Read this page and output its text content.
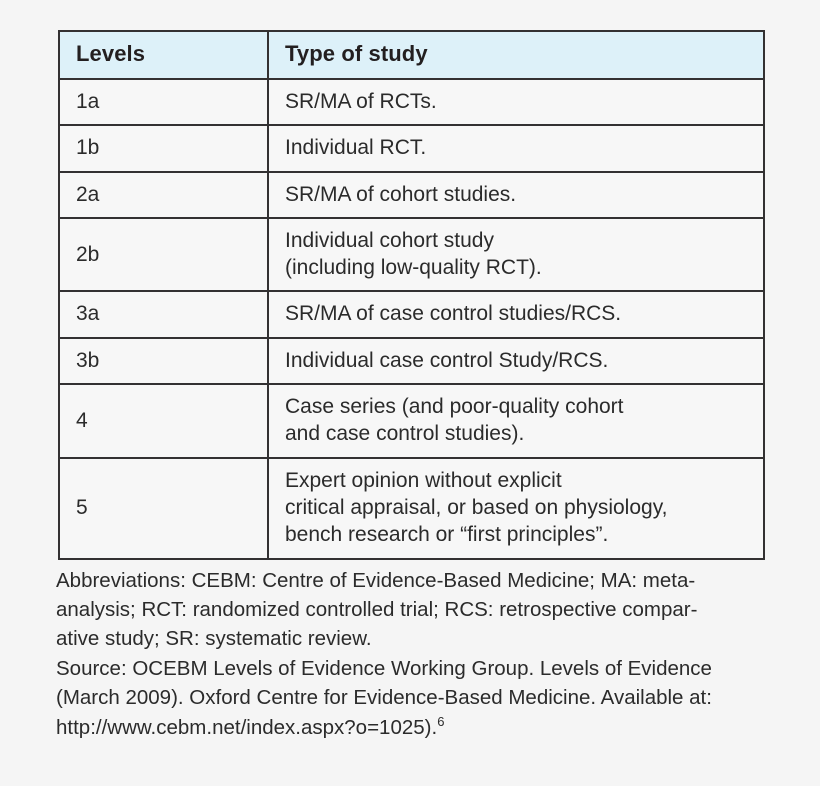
Levels	Type of study
1a	SR/MA of RCTs.

1b	Individual RCT.

2a	SR/MA of cohort studies.

2b	Individual cohort study
(including low-quality RCT).

3a	SR/MA of case control studies/RCS.

3b	Individual case control Study/RCS.

4	Case series (and poor-quality cohort
and case control studies).

5	Expert opinion without explicit
critical appraisal, or based on physiology,
bench research or “first principles”.

Abbreviations: CEBM: Centre of Evidence-Based Medicine; MA: meta-
analysis; RCT: randomized controlled trial; RCS: retrospective compar-
ative study; SR: systematic review.

Source: OCEBM Levels of Evidence Working Group. Levels of Evidence
(March 2009). Oxford Centre for Evidence-Based Medicine. Available at:
http://www.cebm.net/index.aspx?o=1025).$^6$
